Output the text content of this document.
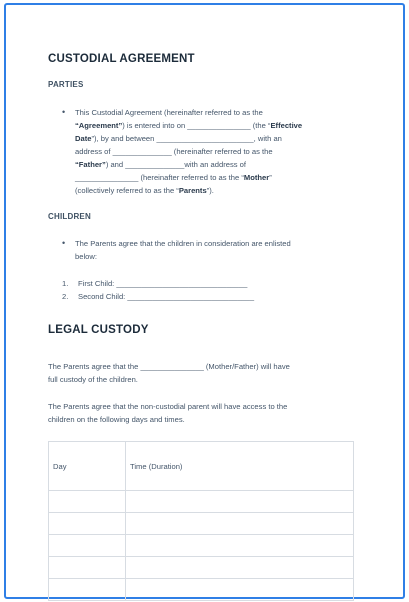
CUSTODIAL AGREEMENT

PARTIES

•	This Custodial Agreement (hereinafter referred to as the
“Agreement”) is entered into on _______________ (the “Effective
Date”), by and between _______________________, with an
address of ______________ (hereinafter referred to as the
“Father”) and ______________with an address of
_______________ (hereinafter referred to as the “Mother”
(collectively referred to as the “Parents”).

CHILDREN

•	The Parents agree that the children in consideration are enlisted
below:
1. First Child: _______________________________
2. Second Child: ______________________________
LEGAL CUSTODY
The Parents agree that the _______________ (Mother/Father) will have
full custody of the children.
The Parents agree that the non-custodial parent will have access to the
children on the following days and times.
Day	Time (Duration)
